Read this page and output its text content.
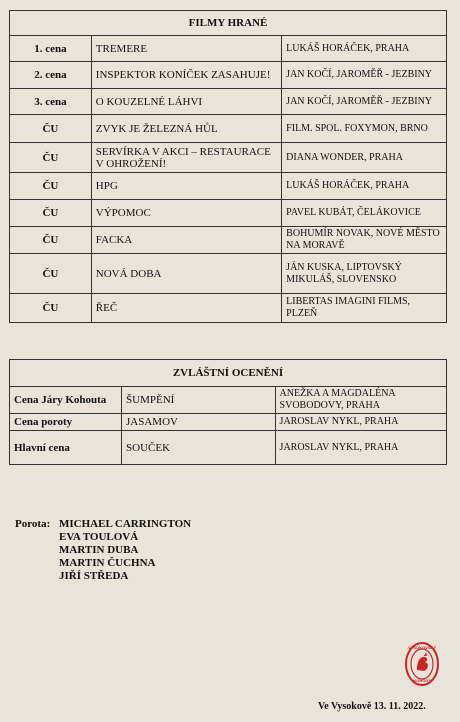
FILMY HRANÉ		
1. cena	TREMERE	LUKÁŠ HORÁČEK, PRAHA
2. cena	INSPEKTOR KONÍČEK ZASAHUJE!	JAN KOČÍ, JAROMĚŘ - JEZBINY
3. cena	O KOUZELNÉ LÁHVI	JAN KOČÍ, JAROMĚŘ - JEZBINY
ČU	ZVYK JE ŽELEZNÁ HŮL	FILM. SPOL. FOXYMON, BRNO
ČU	SERVÍRKA V AKCI – RESTAURACE V OHROŽENÍ!	DIANA WONDER, PRAHA
ČU	HPG	LUKÁŠ HORÁČEK, PRAHA
ČU	VÝPOMOC	PAVEL KUBÁT, ČELÁKOVICE
ČU	FACKA	BOHUMÍR NOVAK, NOVÉ MĚSTO NA MORAVĚ
ČU	NOVÁ DOBA	JÁN KUSKA, LIPTOVSKÝ MIKULÁŠ, SLOVENSKO
ČU	ŘEČ	LIBERTAS IMAGINI FILMS, PLZEŇ
ZVLÁŠTNÍ OCENĚNÍ		
Cena Járy Kohouta	ŠUMPĚNÍ	ANEŽKA A MAGDALÉNA SVOBODOVY, PRAHA
Cena poroty	JASAMOV	JAROSLAV NYKL, PRAHA
Hlavní cena	SOUČEK	JAROSLAV NYKL, PRAHA
Porota: MICHAEL CARRINGTON
EVA TOULOVÁ
MARTIN DUBA
MARTIN ČUCHNA
JIŘÍ STŘEDA
VYSOKOVSKÝ
KOHOUT
Ve Vysokově 13. 11. 2022.
